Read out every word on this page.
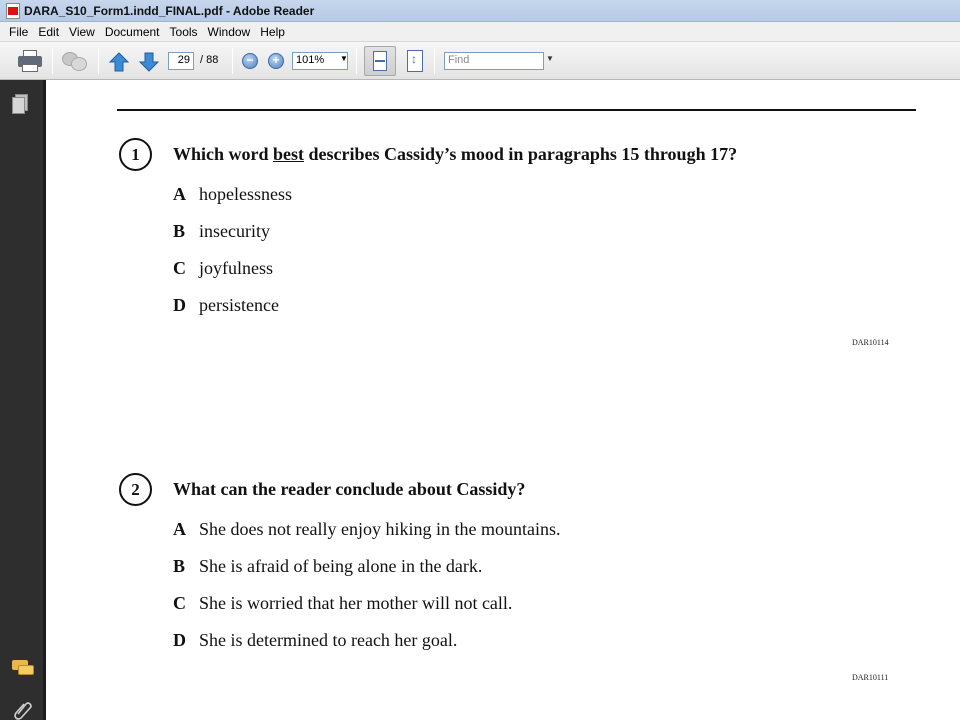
DARA_S10_Form1.indd_FINAL.pdf - Adobe Reader
File Edit View Document Tools Window Help
29 / 88 − +	101%	▼
↕	Find	▼
1	Which word best describes Cassidy’s mood in paragraphs 15 through 17?
A hopelessness
B insecurity
C joyfulness
D persistence
DAR10114
2	What can the reader conclude about Cassidy?
A She does not really enjoy hiking in the mountains.
B She is afraid of being alone in the dark.
C She is worried that her mother will not call.
D She is determined to reach her goal.
DAR10111
